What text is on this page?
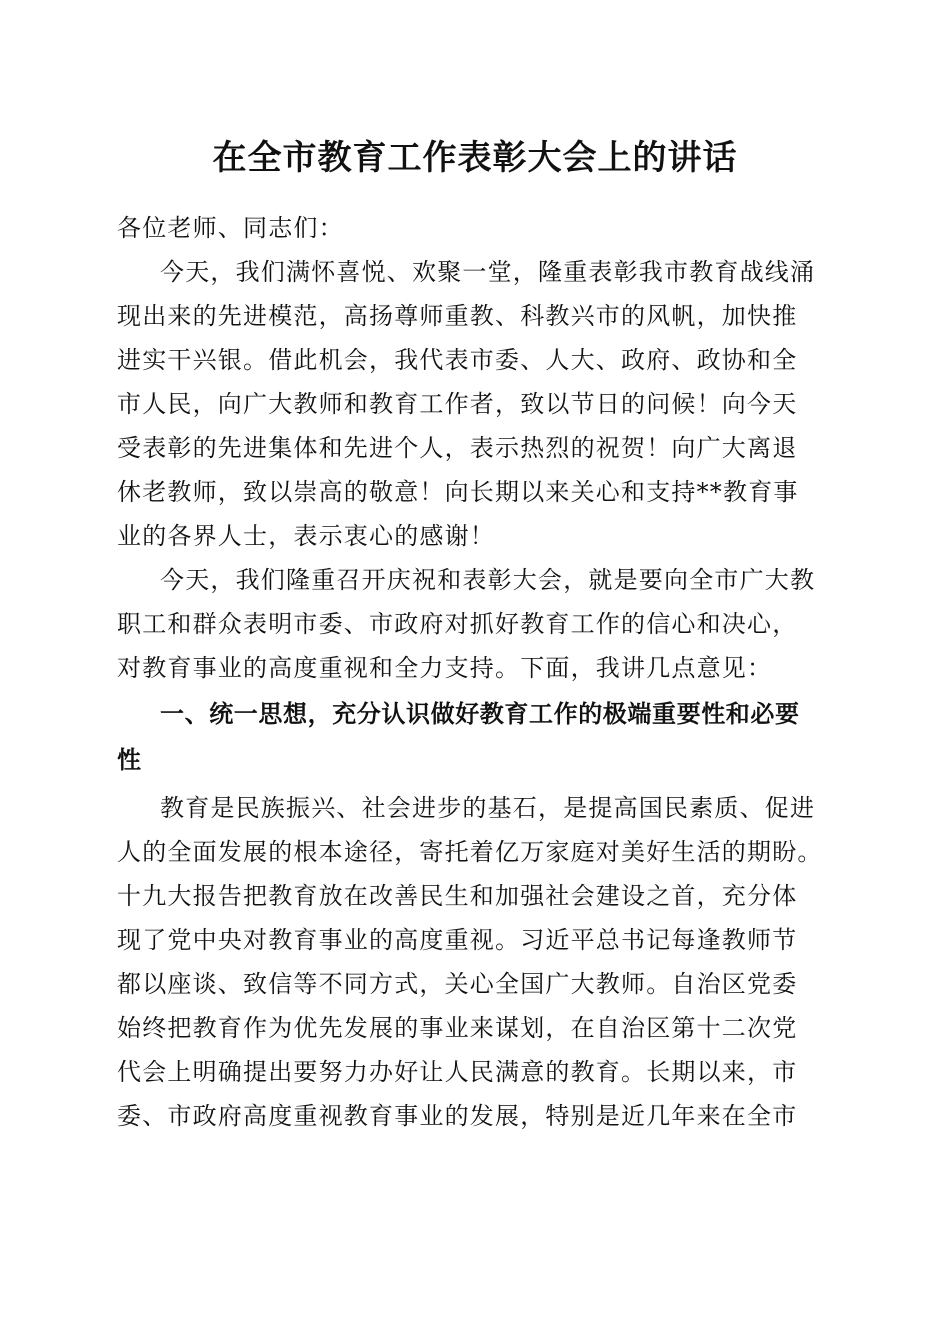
在全市教育工作表彰大会上的讲话
各位老师、同志们：
今天，我们满怀喜悦、欢聚一堂，隆重表彰我市教育战线涌
现出来的先进模范，高扬尊师重教、科教兴市的风帆，加快推
进实干兴银。借此机会，我代表市委、人大、政府、政协和全
市人民，向广大教师和教育工作者，致以节日的问候！向今天
受表彰的先进集体和先进个人，表示热烈的祝贺！向广大离退
休老教师，致以崇高的敬意！向长期以来关心和支持**教育事
业的各界人士，表示衷心的感谢！
今天，我们隆重召开庆祝和表彰大会，就是要向全市广大教
职工和群众表明市委、市政府对抓好教育工作的信心和决心，
对教育事业的高度重视和全力支持。下面，我讲几点意见：
一、统一思想，充分认识做好教育工作的极端重要性和必要
性
教育是民族振兴、社会进步的基石，是提高国民素质、促进
人的全面发展的根本途径，寄托着亿万家庭对美好生活的期盼。
十九大报告把教育放在改善民生和加强社会建设之首，充分体
现了党中央对教育事业的高度重视。习近平总书记每逢教师节
都以座谈、致信等不同方式，关心全国广大教师。自治区党委
始终把教育作为优先发展的事业来谋划，在自治区第十二次党
代会上明确提出要努力办好让人民满意的教育。长期以来，市
委、市政府高度重视教育事业的发展，特别是近几年来在全市
